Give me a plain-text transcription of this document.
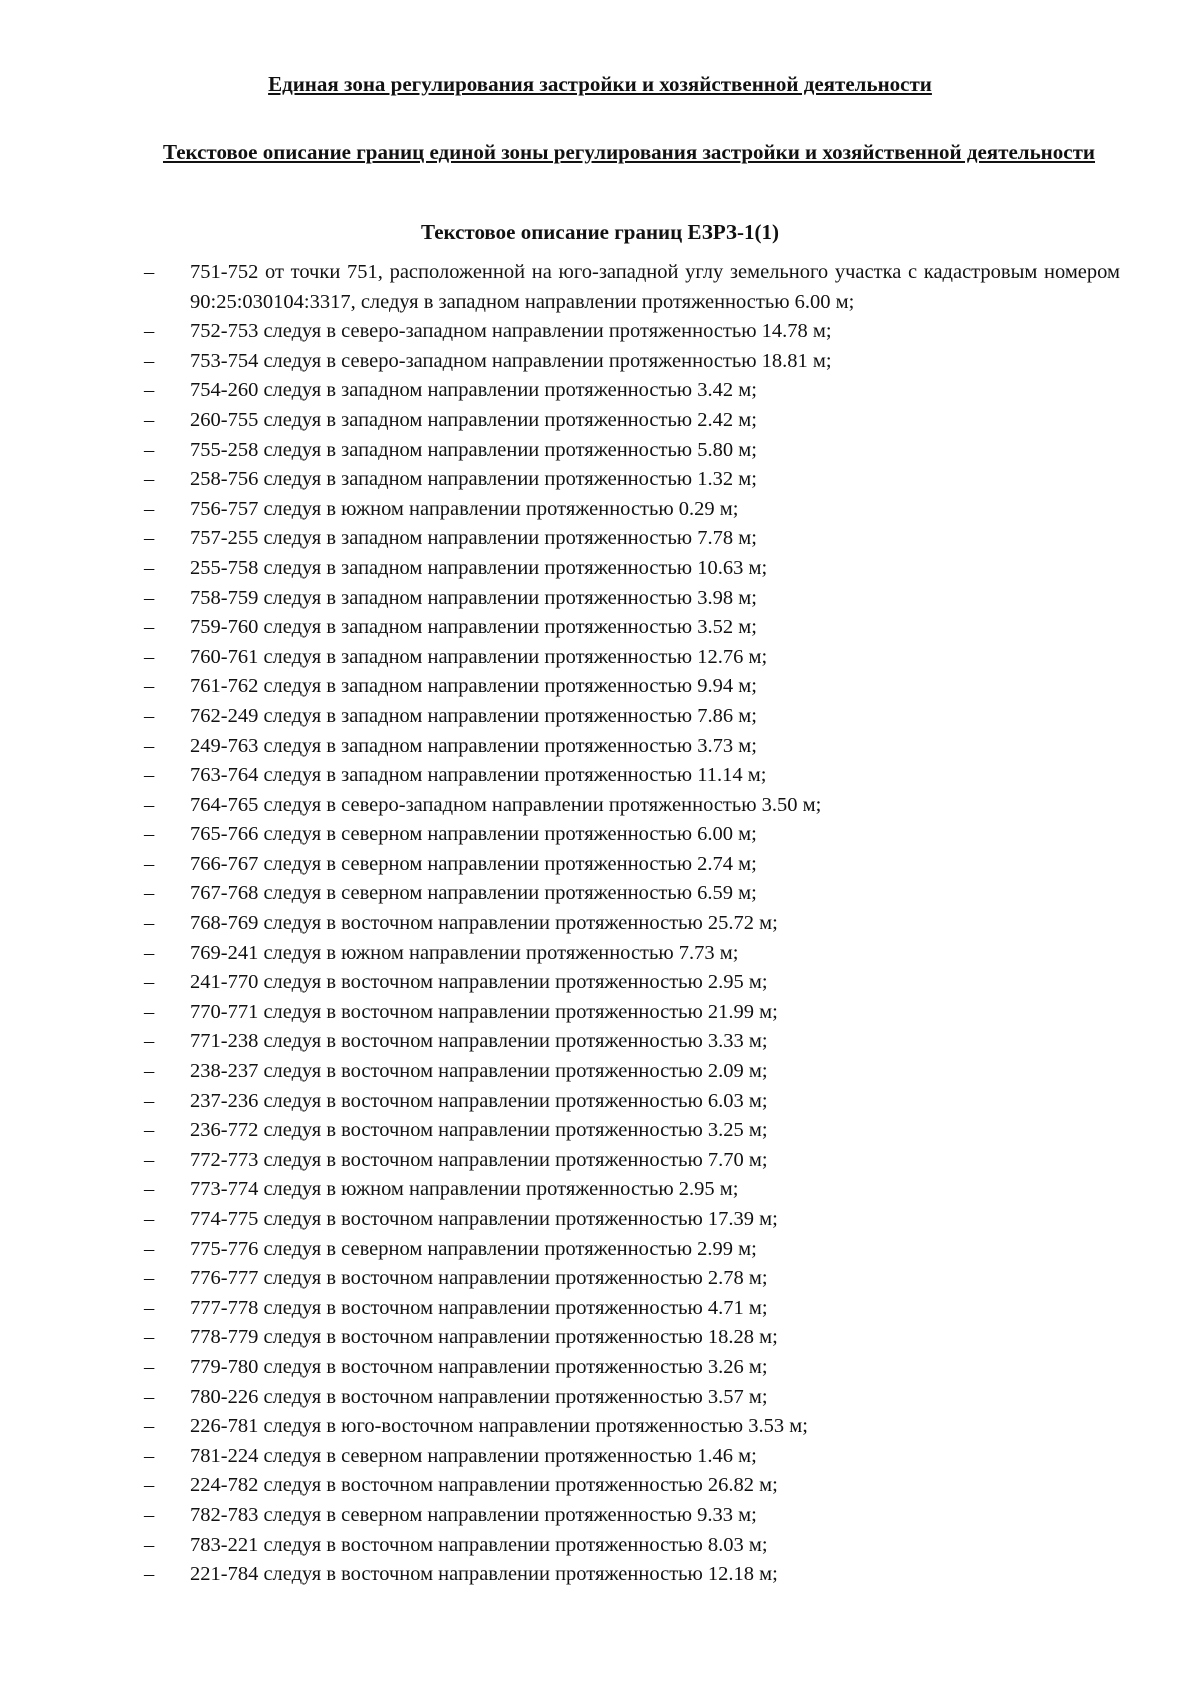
Единая зона регулирования застройки и хозяйственной деятельности
Текстовое описание границ единой зоны регулирования застройки и хозяйственной деятельности
Текстовое описание границ ЕЗРЗ-1(1)
– 751-752 от точки 751, расположенной на юго-западной углу земельного участка с кадастровым номером 90:25:030104:3317, следуя в западном направлении протяженностью 6.00 м;
– 752-753 следуя в северо-западном направлении протяженностью 14.78 м;
– 753-754 следуя в северо-западном направлении протяженностью 18.81 м;
– 754-260 следуя в западном направлении протяженностью 3.42 м;
– 260-755 следуя в западном направлении протяженностью 2.42 м;
– 755-258 следуя в западном направлении протяженностью 5.80 м;
– 258-756 следуя в западном направлении протяженностью 1.32 м;
– 756-757 следуя в южном направлении протяженностью 0.29 м;
– 757-255 следуя в западном направлении протяженностью 7.78 м;
– 255-758 следуя в западном направлении протяженностью 10.63 м;
– 758-759 следуя в западном направлении протяженностью 3.98 м;
– 759-760 следуя в западном направлении протяженностью 3.52 м;
– 760-761 следуя в западном направлении протяженностью 12.76 м;
– 761-762 следуя в западном направлении протяженностью 9.94 м;
– 762-249 следуя в западном направлении протяженностью 7.86 м;
– 249-763 следуя в западном направлении протяженностью 3.73 м;
– 763-764 следуя в западном направлении протяженностью 11.14 м;
– 764-765 следуя в северо-западном направлении протяженностью 3.50 м;
– 765-766 следуя в северном направлении протяженностью 6.00 м;
– 766-767 следуя в северном направлении протяженностью 2.74 м;
– 767-768 следуя в северном направлении протяженностью 6.59 м;
– 768-769 следуя в восточном направлении протяженностью 25.72 м;
– 769-241 следуя в южном направлении протяженностью 7.73 м;
– 241-770 следуя в восточном направлении протяженностью 2.95 м;
– 770-771 следуя в восточном направлении протяженностью 21.99 м;
– 771-238 следуя в восточном направлении протяженностью 3.33 м;
– 238-237 следуя в восточном направлении протяженностью 2.09 м;
– 237-236 следуя в восточном направлении протяженностью 6.03 м;
– 236-772 следуя в восточном направлении протяженностью 3.25 м;
– 772-773 следуя в восточном направлении протяженностью 7.70 м;
– 773-774 следуя в южном направлении протяженностью 2.95 м;
– 774-775 следуя в восточном направлении протяженностью 17.39 м;
– 775-776 следуя в северном направлении протяженностью 2.99 м;
– 776-777 следуя в восточном направлении протяженностью 2.78 м;
– 777-778 следуя в восточном направлении протяженностью 4.71 м;
– 778-779 следуя в восточном направлении протяженностью 18.28 м;
– 779-780 следуя в восточном направлении протяженностью 3.26 м;
– 780-226 следуя в восточном направлении протяженностью 3.57 м;
– 226-781 следуя в юго-восточном направлении протяженностью 3.53 м;
– 781-224 следуя в северном направлении протяженностью 1.46 м;
– 224-782 следуя в восточном направлении протяженностью 26.82 м;
– 782-783 следуя в северном направлении протяженностью 9.33 м;
– 783-221 следуя в восточном направлении протяженностью 8.03 м;
– 221-784 следуя в восточном направлении протяженностью 12.18 м;
